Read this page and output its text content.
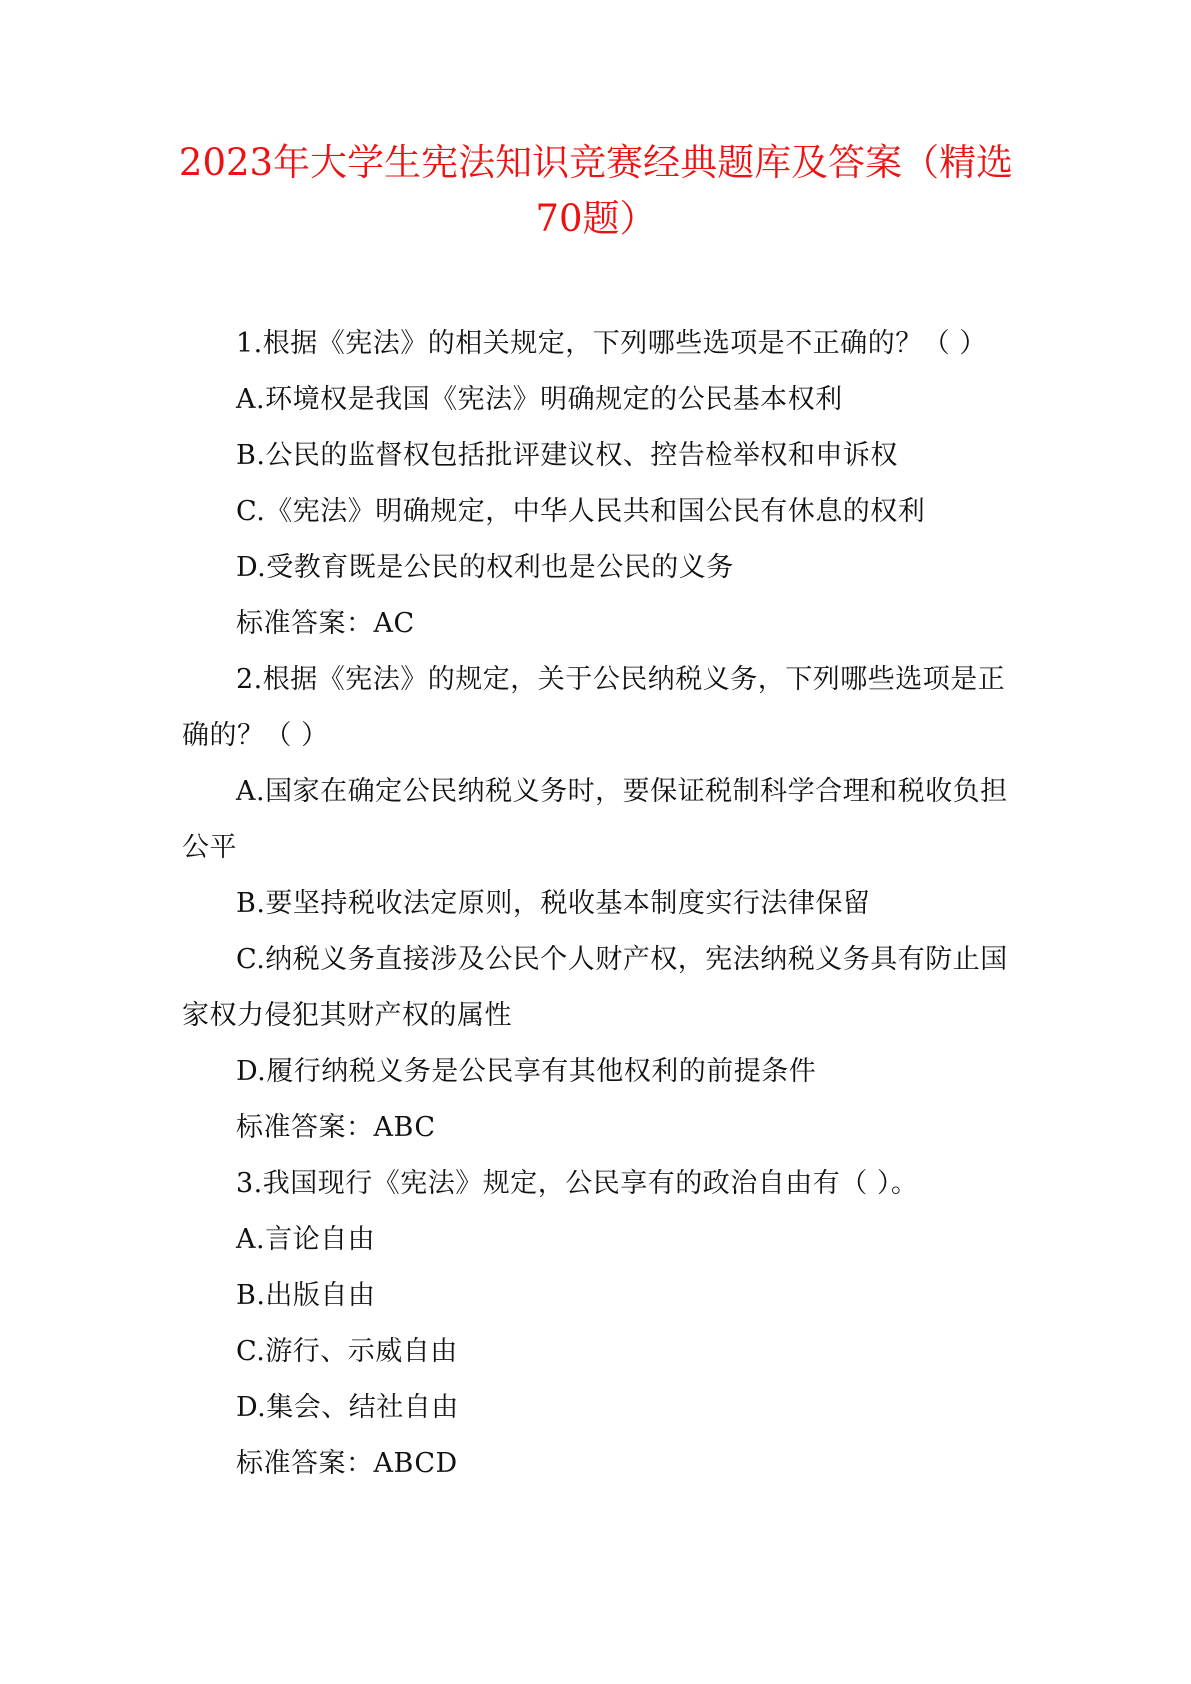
2023年大学生宪法知识竞赛经典题库及答案（精选70题）

1.根据《宪法》的相关规定，下列哪些选项是不正确的？（ ）

A.环境权是我国《宪法》明确规定的公民基本权利

B.公民的监督权包括批评建议权、控告检举权和申诉权

C.《宪法》明确规定，中华人民共和国公民有休息的权利

D.受教育既是公民的权利也是公民的义务

标准答案：AC

2.根据《宪法》的规定，关于公民纳税义务，下列哪些选项是正确的？（ ）

A.国家在确定公民纳税义务时，要保证税制科学合理和税收负担公平

B.要坚持税收法定原则，税收基本制度实行法律保留

C.纳税义务直接涉及公民个人财产权，宪法纳税义务具有防止国家权力侵犯其财产权的属性

D.履行纳税义务是公民享有其他权利的前提条件

标准答案：ABC

3.我国现行《宪法》规定，公民享有的政治自由有（ ）。

A.言论自由

B.出版自由

C.游行、示威自由

D.集会、结社自由

标准答案：ABCD
